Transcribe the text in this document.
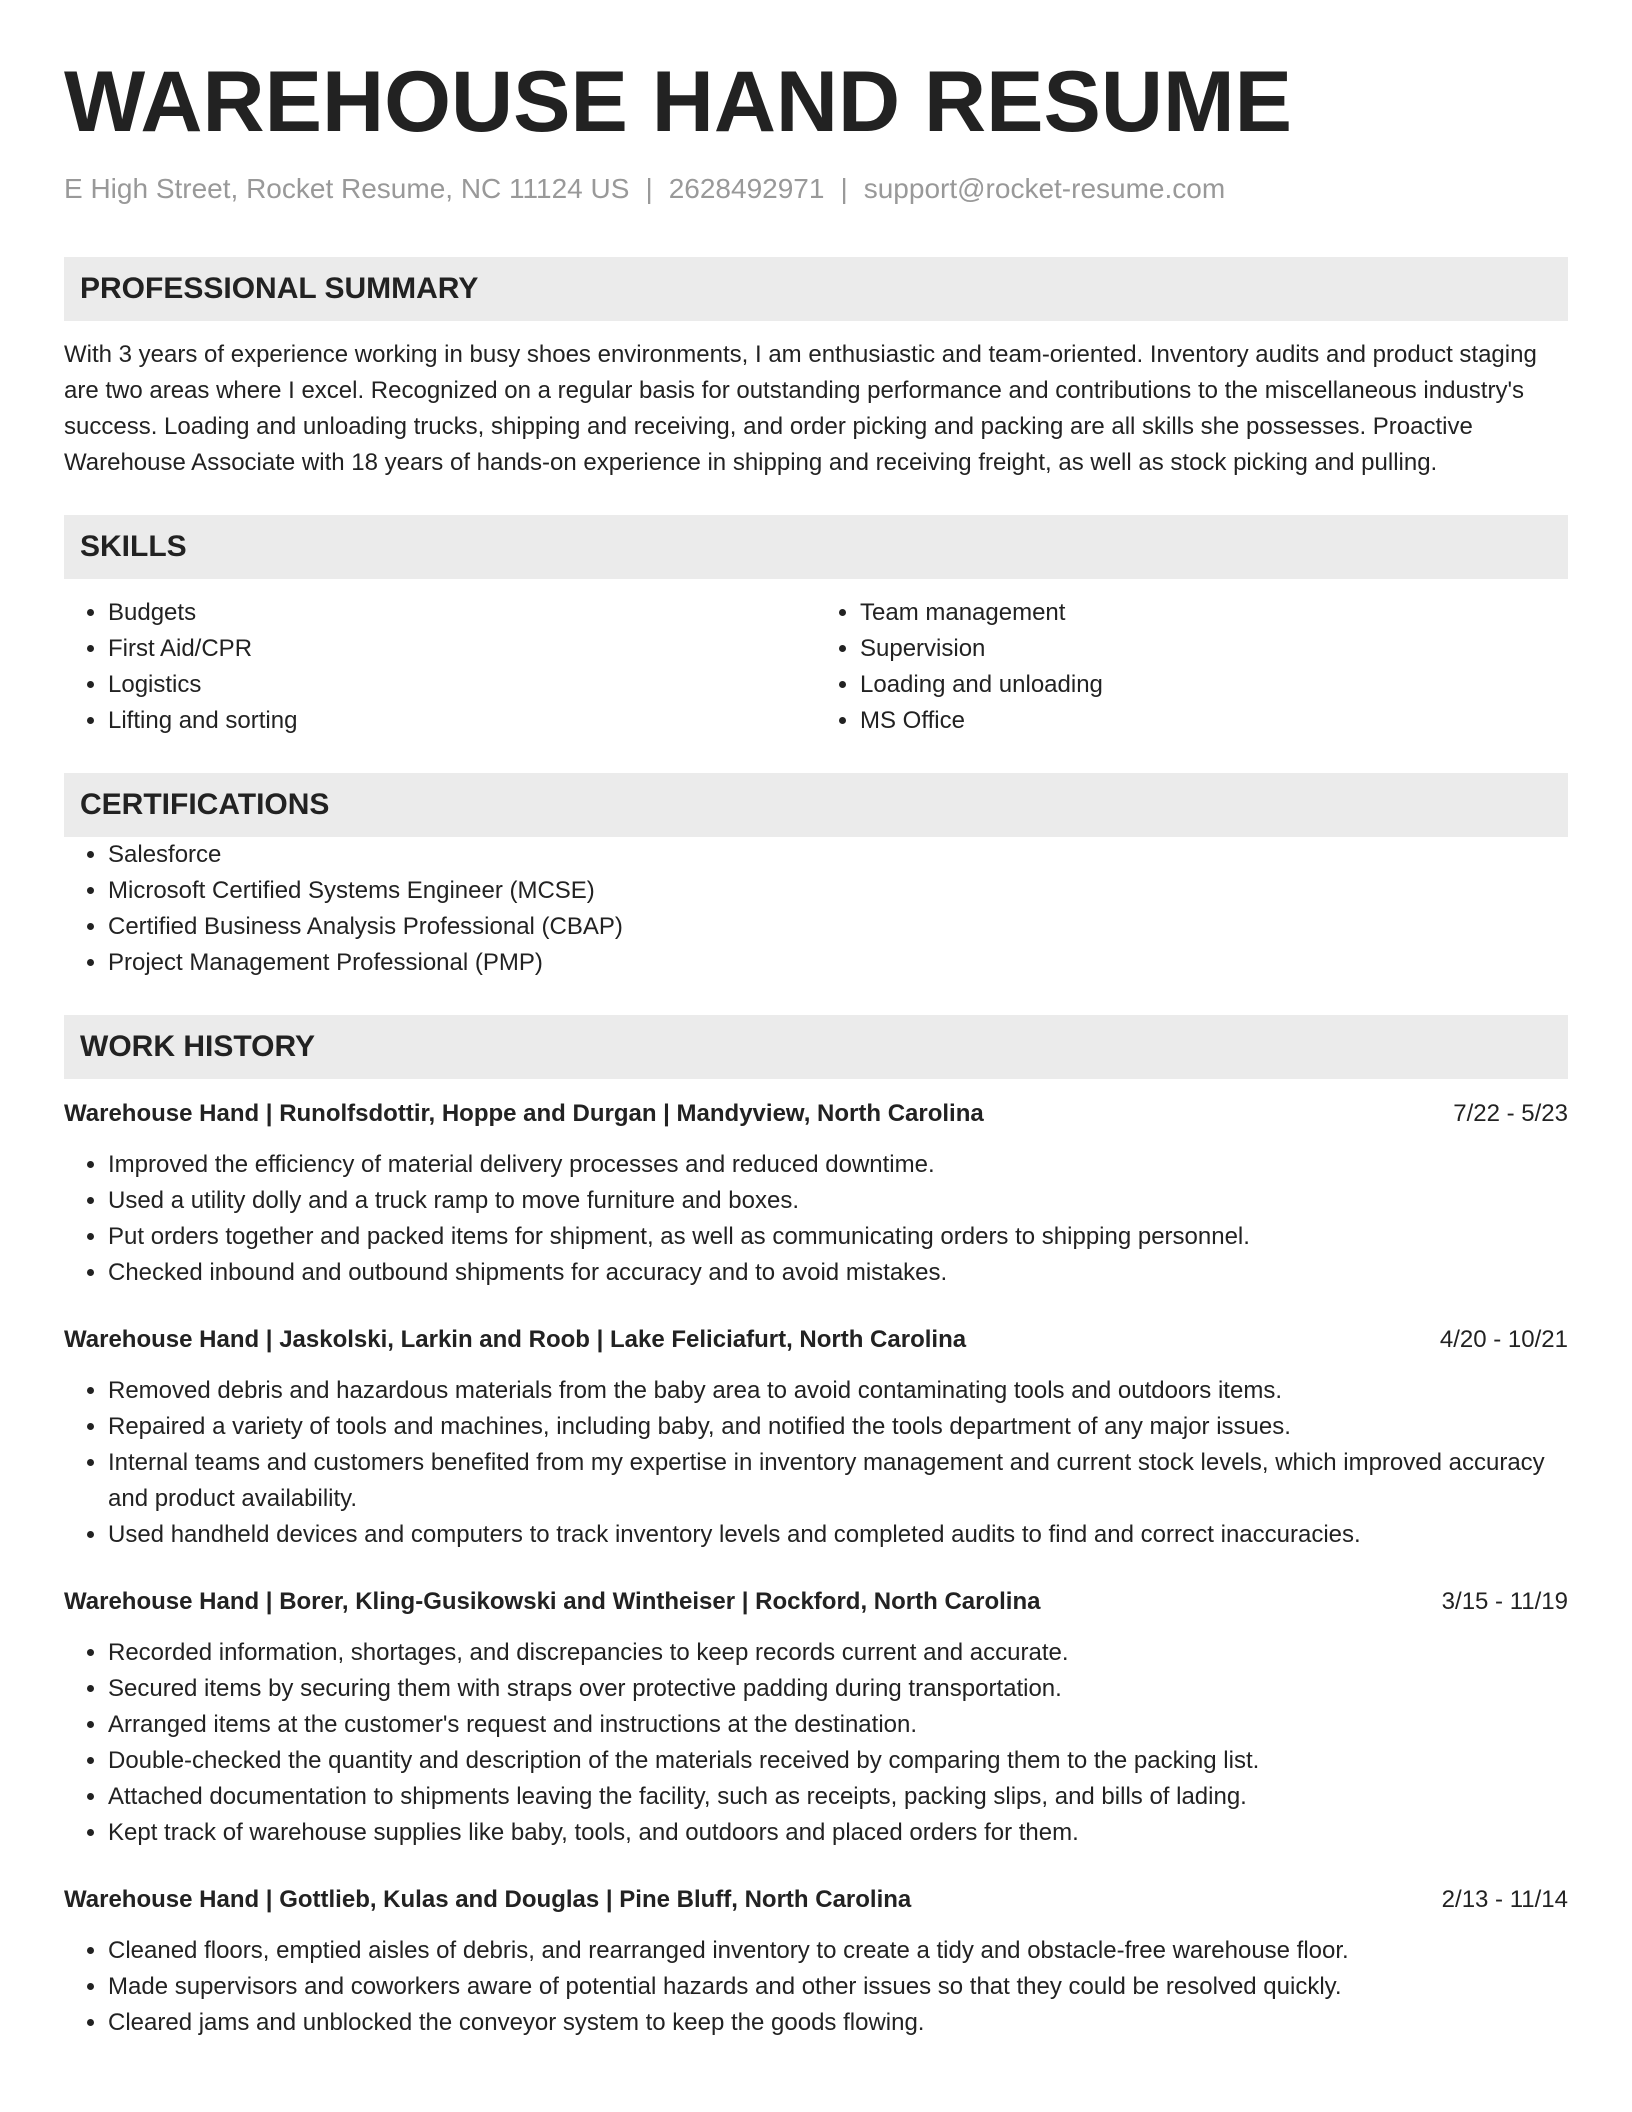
WAREHOUSE HAND RESUME
E High Street, Rocket Resume, NC 11124 US | 2628492971 | support@rocket-resume.com
PROFESSIONAL SUMMARY

With 3 years of experience working in busy shoes environments, I am enthusiastic and team-oriented. Inventory audits and product staging are two areas where I excel. Recognized on a regular basis for outstanding performance and contributions to the miscellaneous industry's success. Loading and unloading trucks, shipping and receiving, and order picking and packing are all skills she possesses. Proactive Warehouse Associate with 18 years of hands-on experience in shipping and receiving freight, as well as stock picking and pulling.

SKILLS
• Budgets
• First Aid/CPR
• Logistics
• Lifting and sorting
• Team management
• Supervision
• Loading and unloading
• MS Office
CERTIFICATIONS
• Salesforce
• Microsoft Certified Systems Engineer (MCSE)
• Certified Business Analysis Professional (CBAP)
• Project Management Professional (PMP)
WORK HISTORY
Warehouse Hand | Runolfsdottir, Hoppe and Durgan | Mandyview, North Carolina	7/22 - 5/23
• Improved the efficiency of material delivery processes and reduced downtime.
• Used a utility dolly and a truck ramp to move furniture and boxes.
• Put orders together and packed items for shipment, as well as communicating orders to shipping personnel.
• Checked inbound and outbound shipments for accuracy and to avoid mistakes.
Warehouse Hand | Jaskolski, Larkin and Roob | Lake Feliciafurt, North Carolina	4/20 - 10/21
• Removed debris and hazardous materials from the baby area to avoid contaminating tools and outdoors items.
• Repaired a variety of tools and machines, including baby, and notified the tools department of any major issues.
• Internal teams and customers benefited from my expertise in inventory management and current stock levels, which improved accuracy and product availability.
• Used handheld devices and computers to track inventory levels and completed audits to find and correct inaccuracies.
Warehouse Hand | Borer, Kling-Gusikowski and Wintheiser | Rockford, North Carolina	3/15 - 11/19
• Recorded information, shortages, and discrepancies to keep records current and accurate.
• Secured items by securing them with straps over protective padding during transportation.
• Arranged items at the customer's request and instructions at the destination.
• Double-checked the quantity and description of the materials received by comparing them to the packing list.
• Attached documentation to shipments leaving the facility, such as receipts, packing slips, and bills of lading.
• Kept track of warehouse supplies like baby, tools, and outdoors and placed orders for them.
Warehouse Hand | Gottlieb, Kulas and Douglas | Pine Bluff, North Carolina	2/13 - 11/14
• Cleaned floors, emptied aisles of debris, and rearranged inventory to create a tidy and obstacle-free warehouse floor.
• Made supervisors and coworkers aware of potential hazards and other issues so that they could be resolved quickly.
• Cleared jams and unblocked the conveyor system to keep the goods flowing.
